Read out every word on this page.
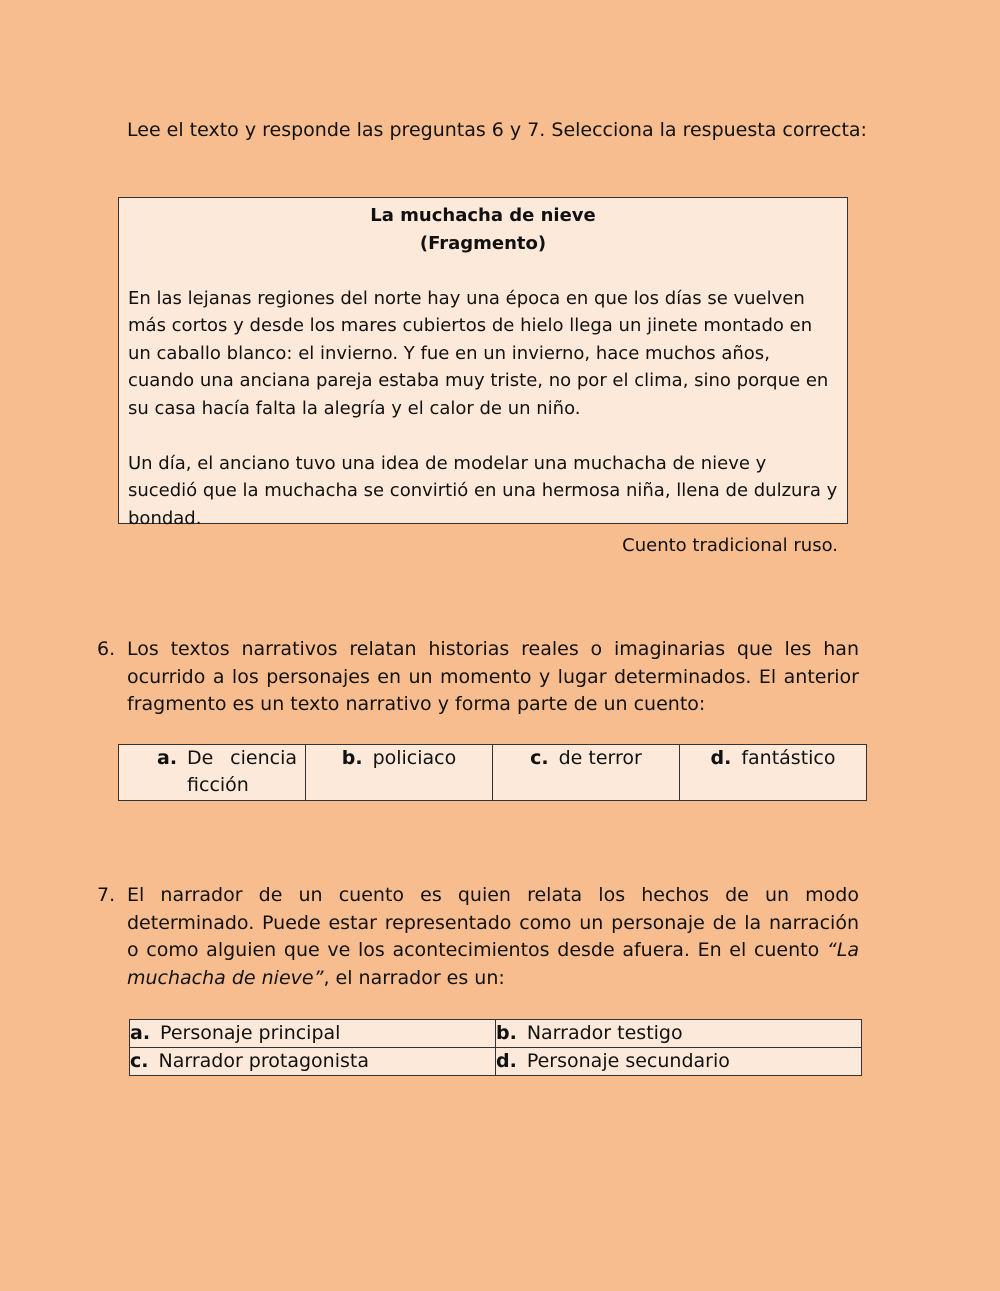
Lee el texto y responde las preguntas 6 y 7. Selecciona la respuesta correcta:

La muchacha de nieve

(Fragmento)

En las lejanas regiones del norte hay una época en que los días se vuelven más cortos y desde los mares cubiertos de hielo llega un jinete montado en un caballo blanco: el invierno. Y fue en un invierno, hace muchos años, cuando una anciana pareja estaba muy triste, no por el clima, sino porque en su casa hacía falta la alegría y el calor de un niño.

Un día, el anciano tuvo una idea de modelar una muchacha de nieve y sucedió que la muchacha se convirtió en una hermosa niña, llena de dulzura y bondad.

Cuento tradicional ruso.

6. Los textos narrativos relatan historias reales o imaginarias que les han ocurrido a los personajes en un momento y lugar determinados. El anterior fragmento es un texto narrativo y forma parte de un cuento:

a. De ciencia
ficción
	b. policiaco	c. de terror	d. fantástico
7. El narrador de un cuento es quien relata los hechos de un modo determinado. Puede estar representado como un personaje de la narración o como alguien que ve los acontecimientos desde afuera. En el cuento “La muchacha de nieve”, el narrador es un:

a. Personaje principal	b. Narrador testigo
c. Narrador protagonista	d. Personaje secundario
